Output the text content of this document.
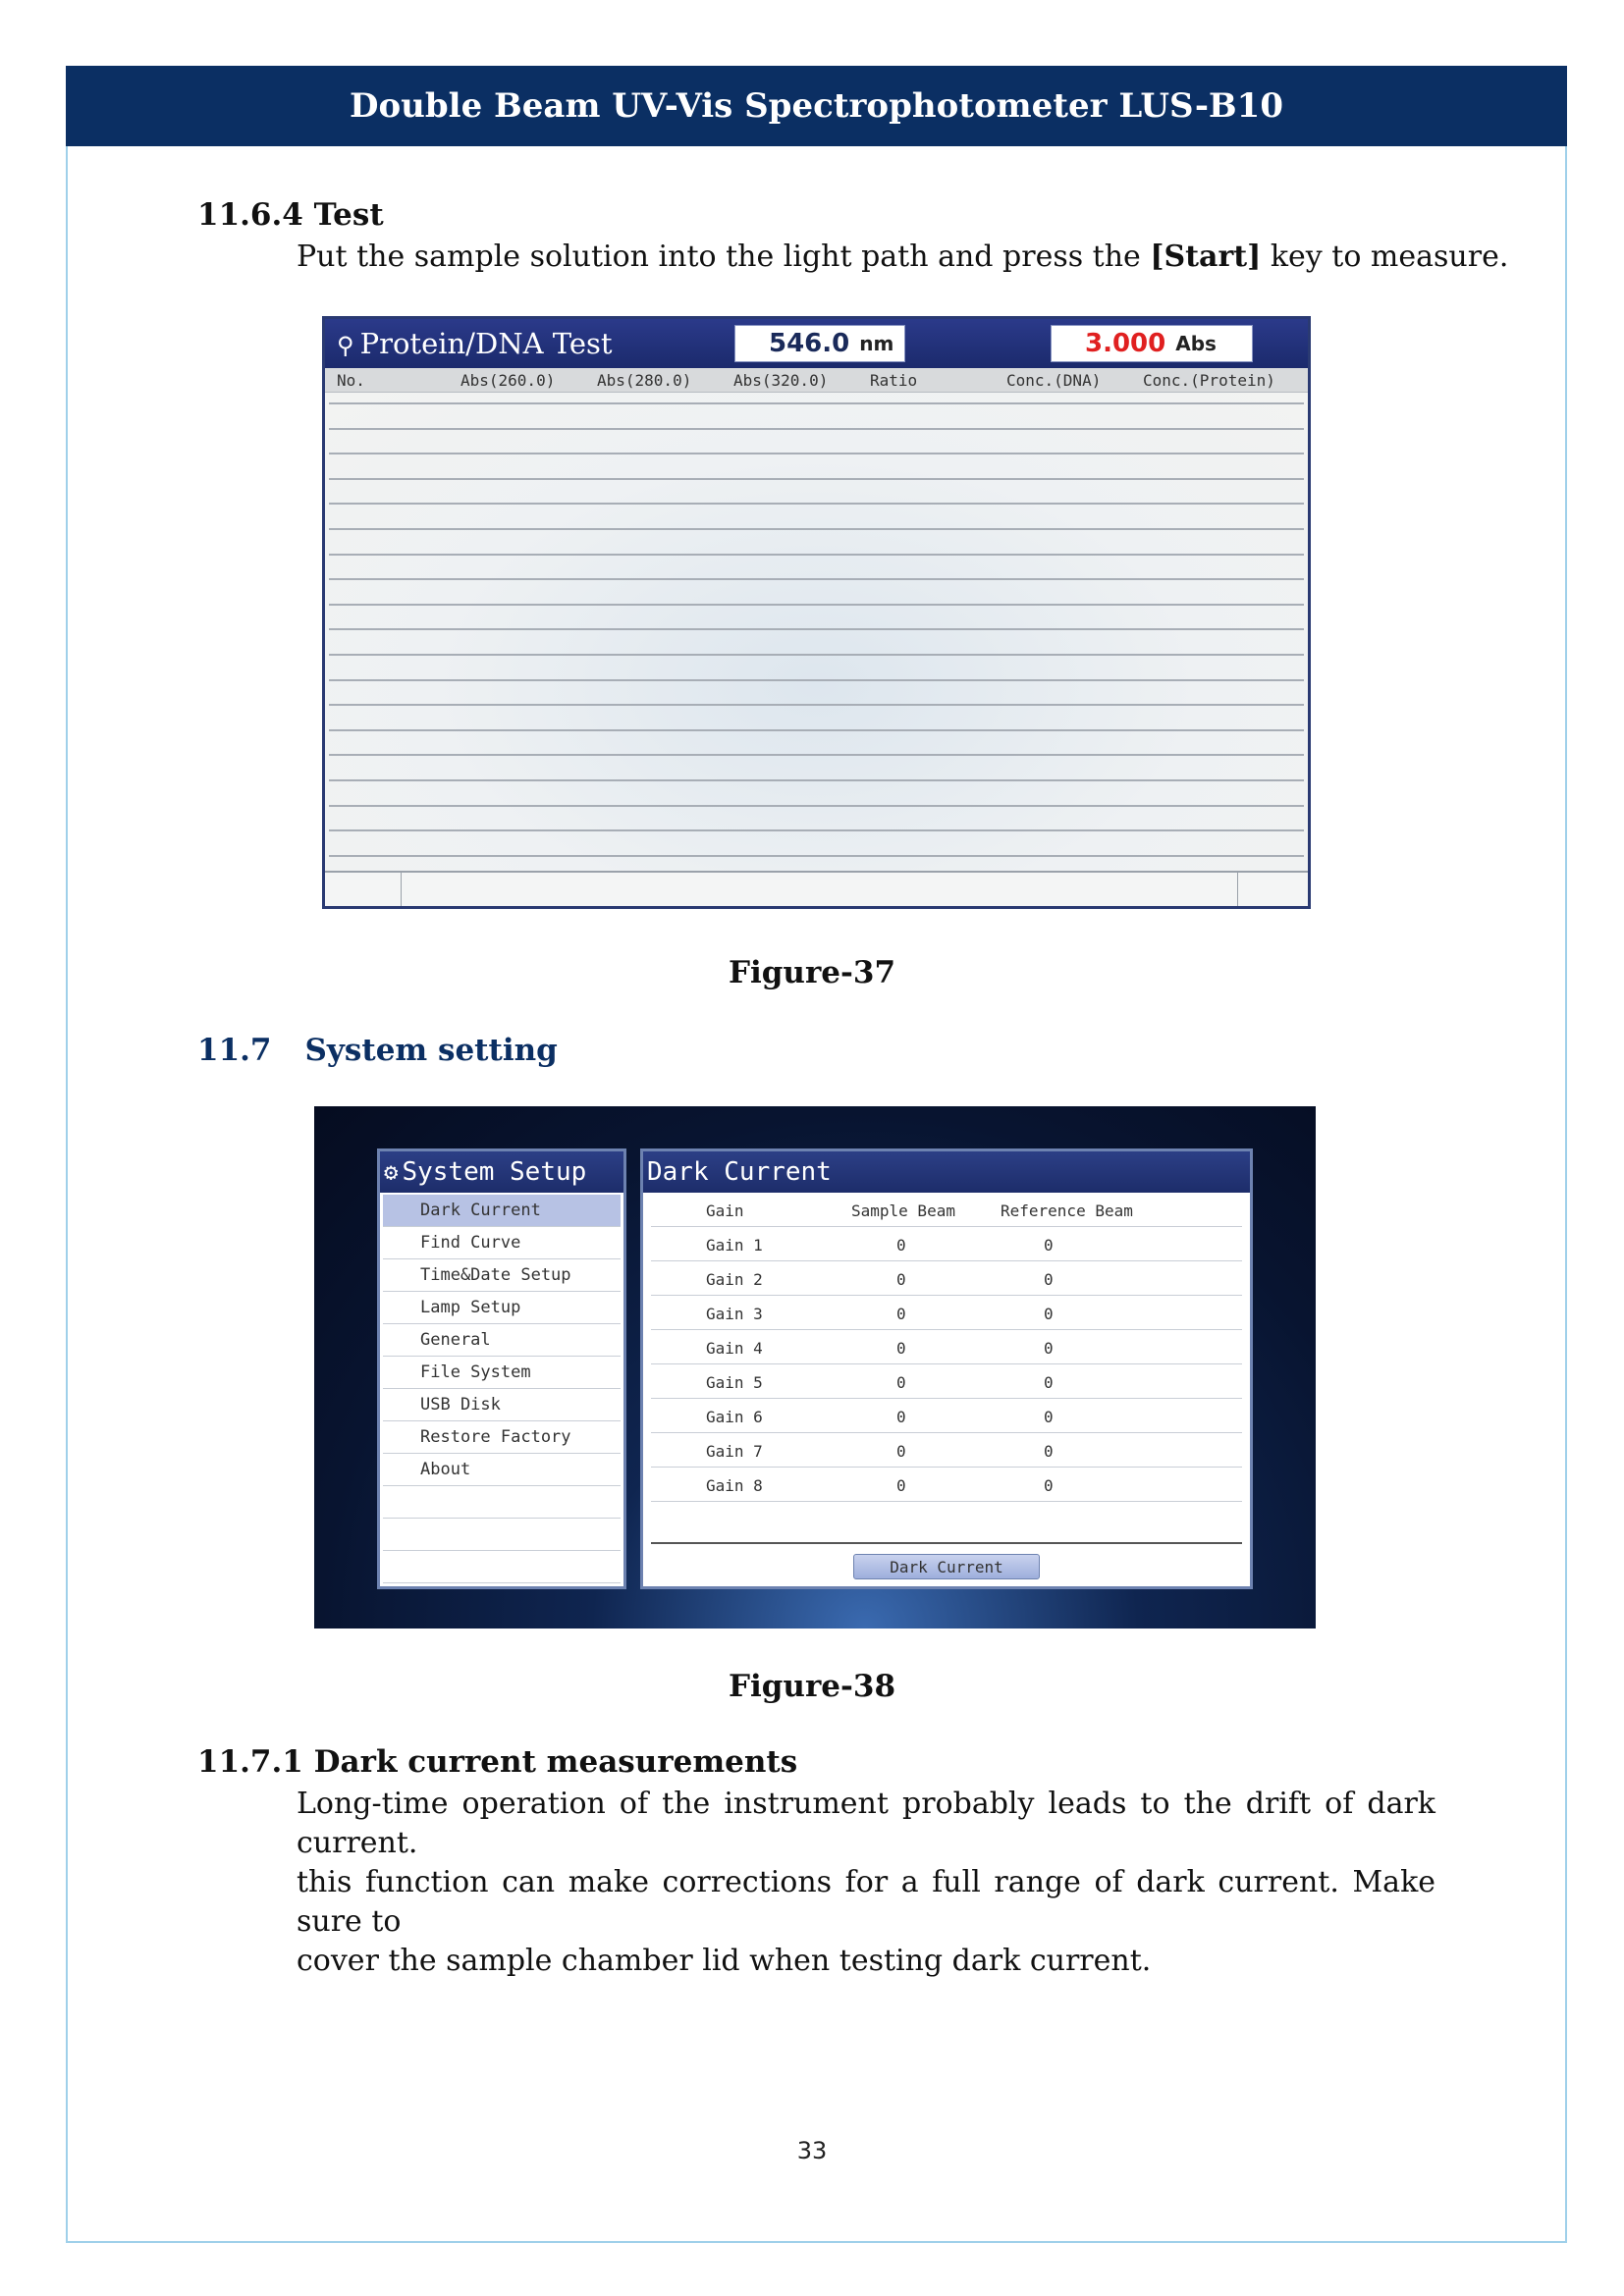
Double Beam UV-Vis Spectrophotometer LUS-B10
11.6.4 Test
Put the sample solution into the light path and press the [Start] key to measure.
⚲ Protein/DNA Test	546.0 nm	3.000 Abs
No.	Abs(260.0)	Abs(280.0)	Abs(320.0)	Ratio	Conc.(DNA)	Conc.(Protein)
Figure-37
11.7 System setting
⚙ System Setup
Dark Current
Find Curve
Time&Date Setup
Lamp Setup
General
File System
USB Disk
Restore Factory
About
Dark Current
Gain	Sample Beam	Reference Beam
Gain 1	0	0
Gain 2	0	0
Gain 3	0	0
Gain 4	0	0
Gain 5	0	0
Gain 6	0	0
Gain 7	0	0
Gain 8	0	0
Dark Current
Figure-38
11.7.1 Dark current measurements
Long-time operation of the instrument probably leads to the drift of dark current.
this function can make corrections for a full range of dark current. Make sure to
cover the sample chamber lid when testing dark current.
33
